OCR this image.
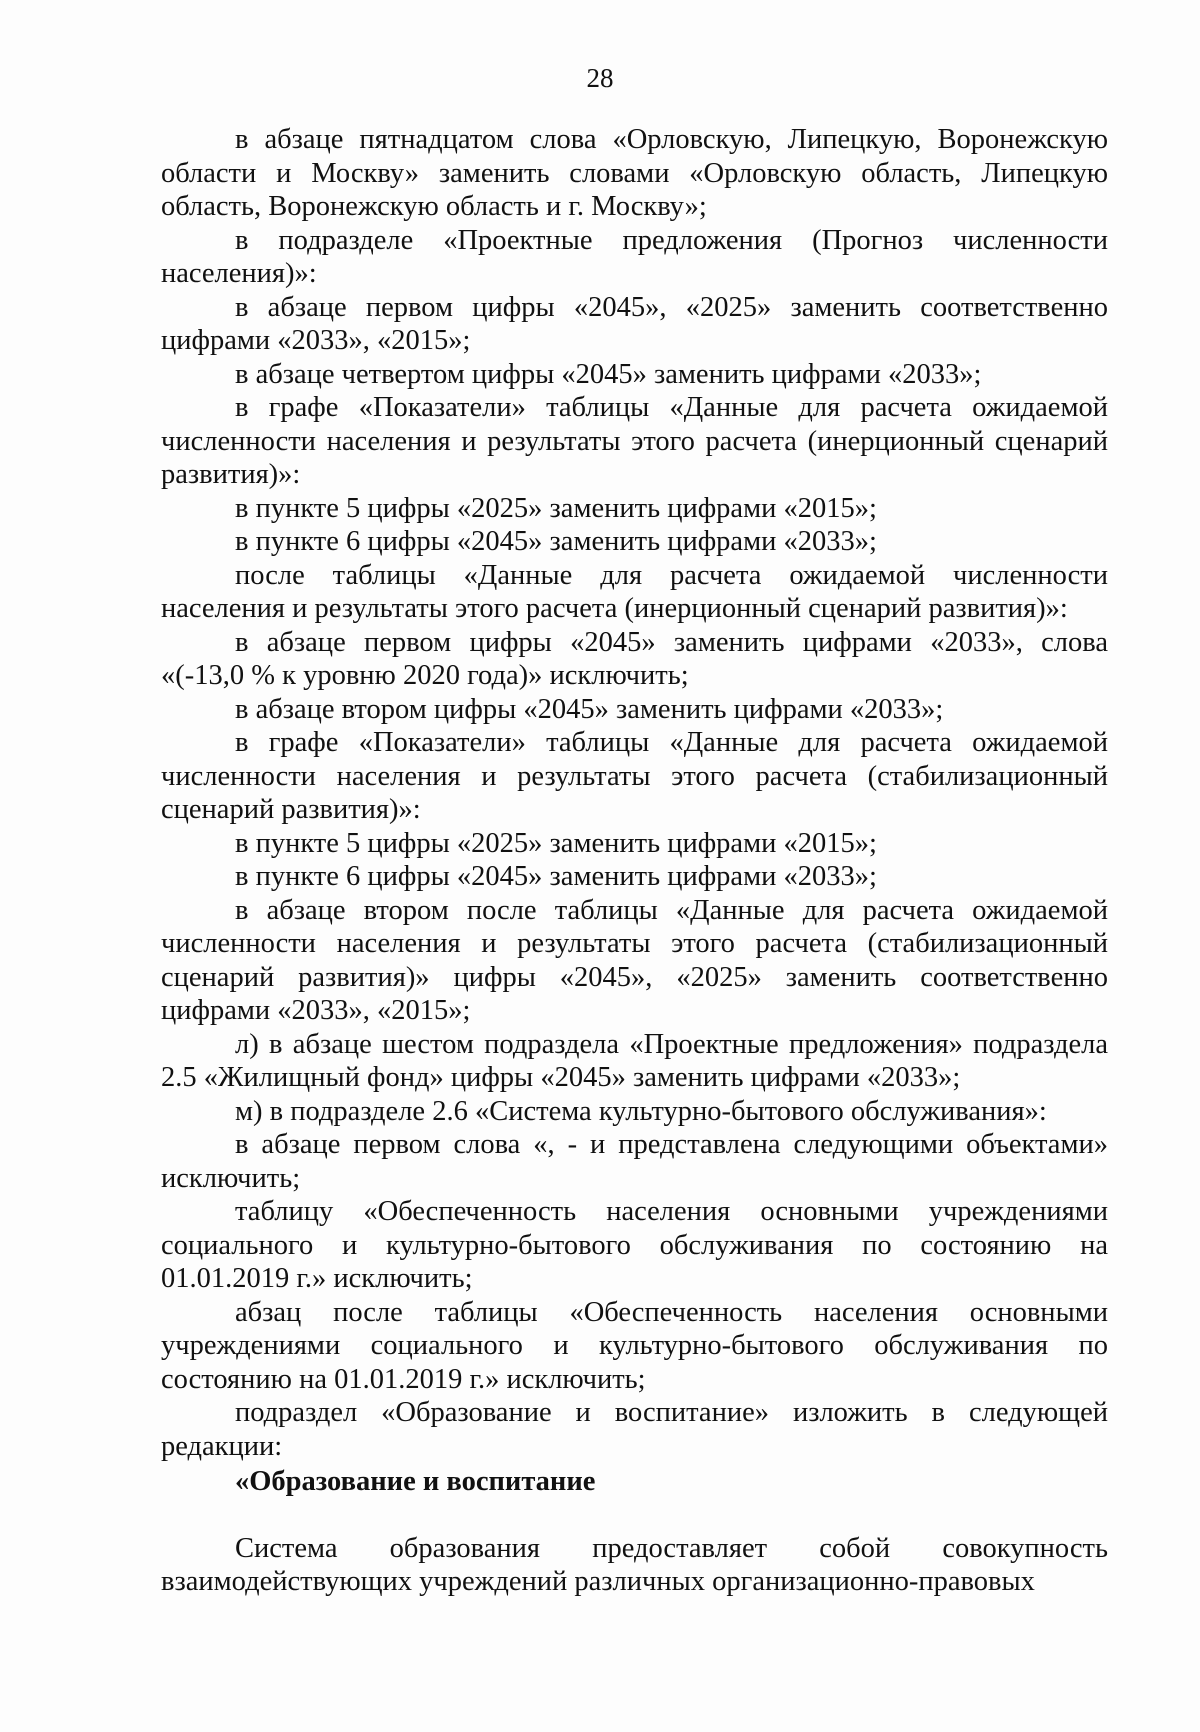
28

в абзаце пятнадцатом слова «Орловскую, Липецкую, Воронежскую области и Москву» заменить словами «Орловскую область, Липецкую область, Воронежскую область и г. Москву»;

в подразделе «Проектные предложения (Прогноз численности населения)»:

в абзаце первом цифры «2045», «2025» заменить соответственно цифрами «2033», «2015»;

в абзаце четвертом цифры «2045» заменить цифрами «2033»;

в графе «Показатели» таблицы «Данные для расчета ожидаемой численности населения и результаты этого расчета (инерционный сценарий развития)»:

в пункте 5 цифры «2025» заменить цифрами «2015»;

в пункте 6 цифры «2045» заменить цифрами «2033»;

после таблицы «Данные для расчета ожидаемой численности населения и результаты этого расчета (инерционный сценарий развития)»:

в абзаце первом цифры «2045» заменить цифрами «2033», слова «(-13,0 % к уровню 2020 года)» исключить;

в абзаце втором цифры «2045» заменить цифрами «2033»;

в графе «Показатели» таблицы «Данные для расчета ожидаемой численности населения и результаты этого расчета (стабилизационный сценарий развития)»:

в пункте 5 цифры «2025» заменить цифрами «2015»;

в пункте 6 цифры «2045» заменить цифрами «2033»;

в абзаце втором после таблицы «Данные для расчета ожидаемой численности населения и результаты этого расчета (стабилизационный сценарий развития)» цифры «2045», «2025» заменить соответственно цифрами «2033», «2015»;

л) в абзаце шестом подраздела «Проектные предложения» подраздела 2.5 «Жилищный фонд» цифры «2045» заменить цифрами «2033»;

м) в подразделе 2.6 «Система культурно-бытового обслуживания»:

в абзаце первом слова «, - и представлена следующими объектами» исключить;

таблицу «Обеспеченность населения основными учреждениями социального и культурно-бытового обслуживания по состоянию на 01.01.2019 г.» исключить;

абзац после таблицы «Обеспеченность населения основными учреждениями социального и культурно-бытового обслуживания по состоянию на 01.01.2019 г.» исключить;

подраздел «Образование и воспитание» изложить в следующей редакции:

«Образование и воспитание

Система образования предоставляет собой совокупность взаимодействующих учреждений различных организационно-правовых
